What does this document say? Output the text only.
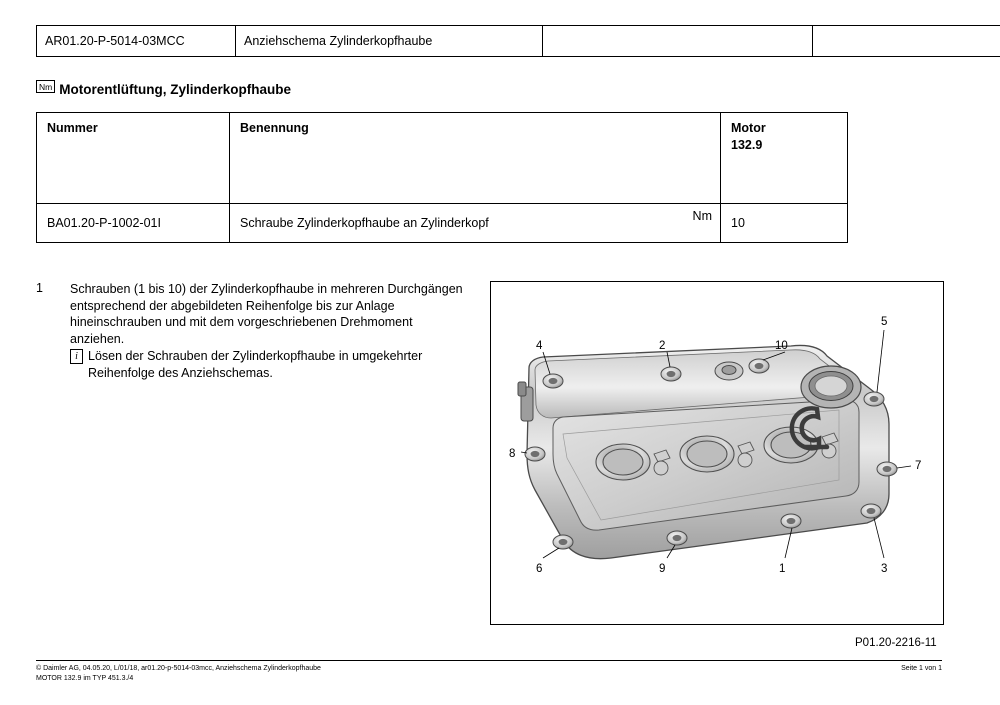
AR01.20-P-5014-03MCC	Anziehschema Zylinderkopfhaube		
Nm Motorentlüftung, Zylinderkopfhaube
Nummer	Benennung	Motor
132.9

BA01.20-P-1002-01I	Schraube Zylinderkopfhaube an Zylinderkopf Nm	10
1 Schrauben (1 bis 10) der Zylinderkopfhaube in mehreren Durchgängen entsprechend der abgebildeten Reihenfolge bis zur Anlage hineinschrauben und mit dem vorgeschriebenen Drehmoment anziehen.
i Lösen der Schrauben der Zylinderkopfhaube in umgekehrter Reihenfolge des Anziehschemas.
4	2	10
5
8
7
6	9	1	3
P01.20-2216-11
© Daimler AG, 04.05.20, L/01/18, ar01.20-p-5014-03mcc, Anziehschema Zylinderkopfhaube
MOTOR 132.9 im TYP 451.3./4
Seite 1 von 1
